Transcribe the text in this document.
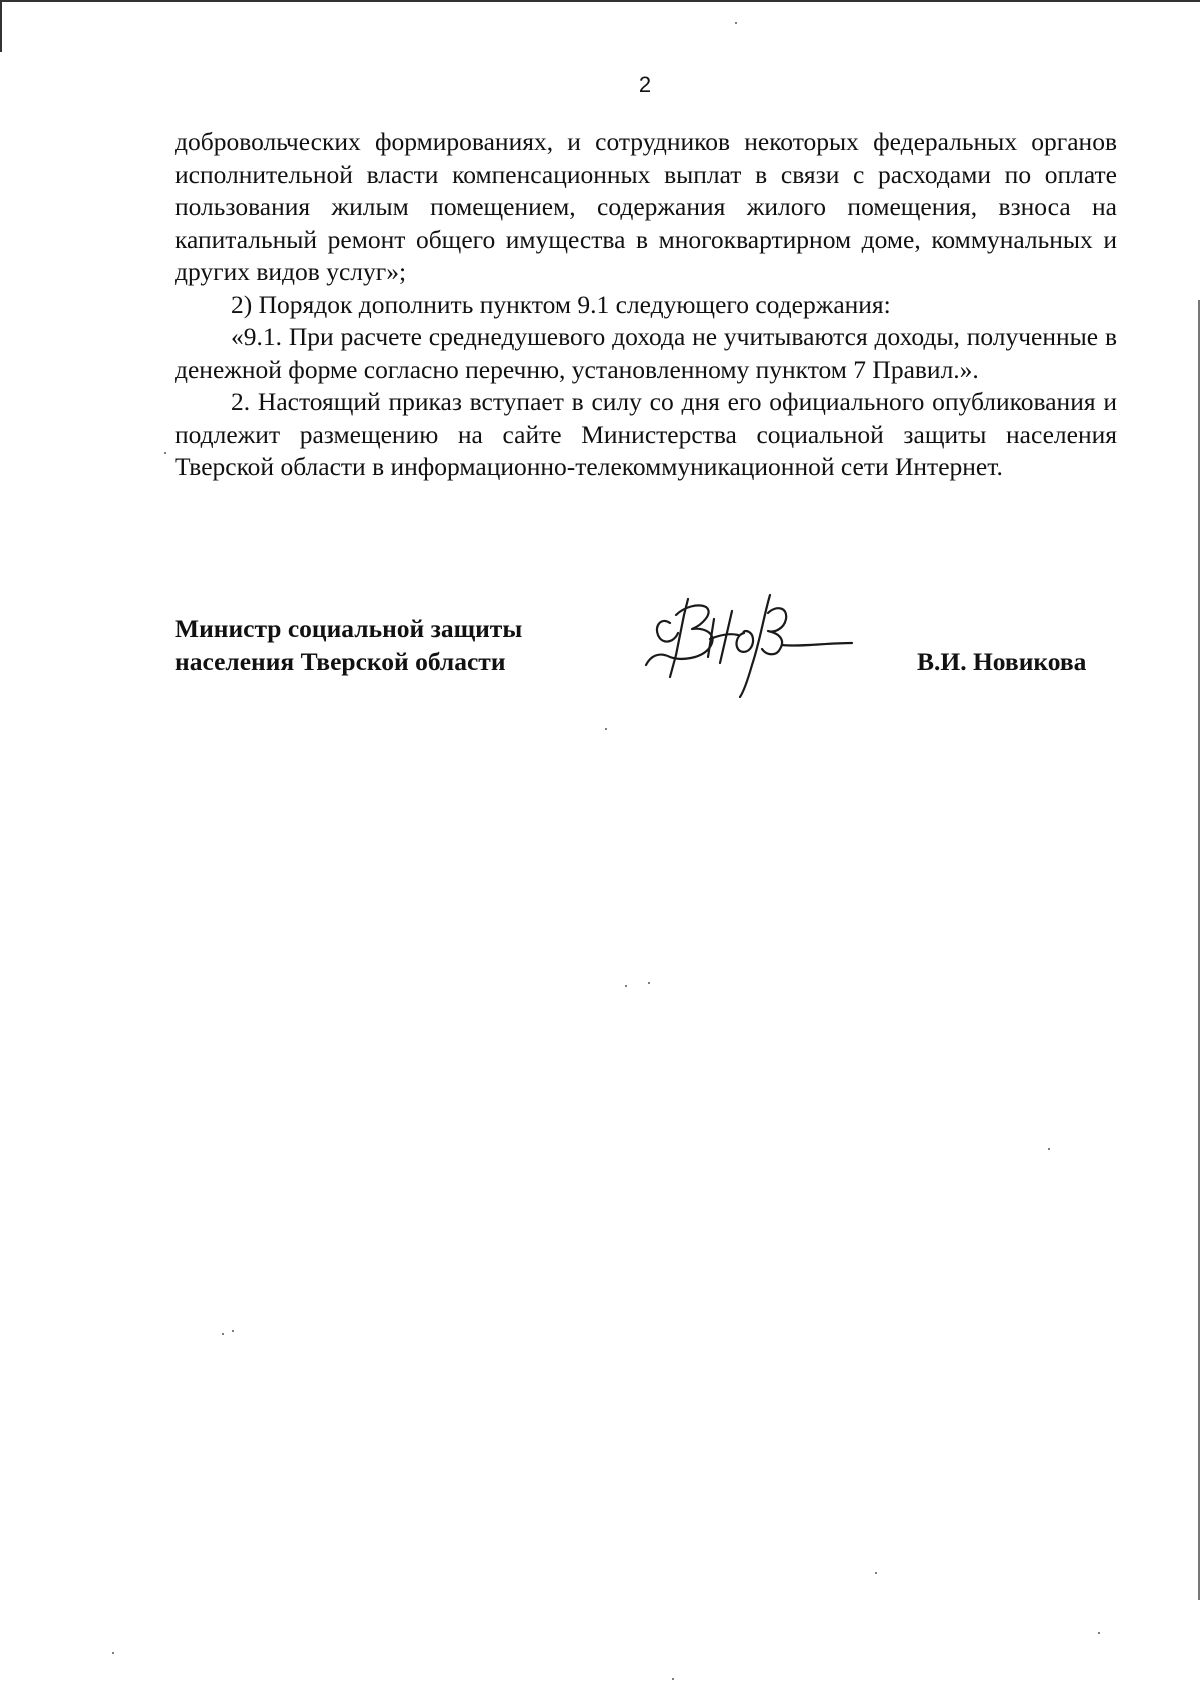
2

добровольческих формированиях, и сотрудников некоторых федеральных органов исполнительной власти компенсационных выплат в связи с расходами по оплате пользования жилым помещением, содержания жилого помещения, взноса на капитальный ремонт общего имущества в многоквартирном доме, коммунальных и других видов услуг»;

2) Порядок дополнить пунктом 9.1 следующего содержания:

«9.1. При расчете среднедушевого дохода не учитываются доходы, полученные в денежной форме согласно перечню, установленному пунктом 7 Правил.».

2. Настоящий приказ вступает в силу со дня его официального опубликования и подлежит размещению на сайте Министерства социальной защиты населения Тверской области в информационно-телекоммуникационной сети Интернет.

Министр социальной защиты
населения Тверской области	В.И. Новикова
